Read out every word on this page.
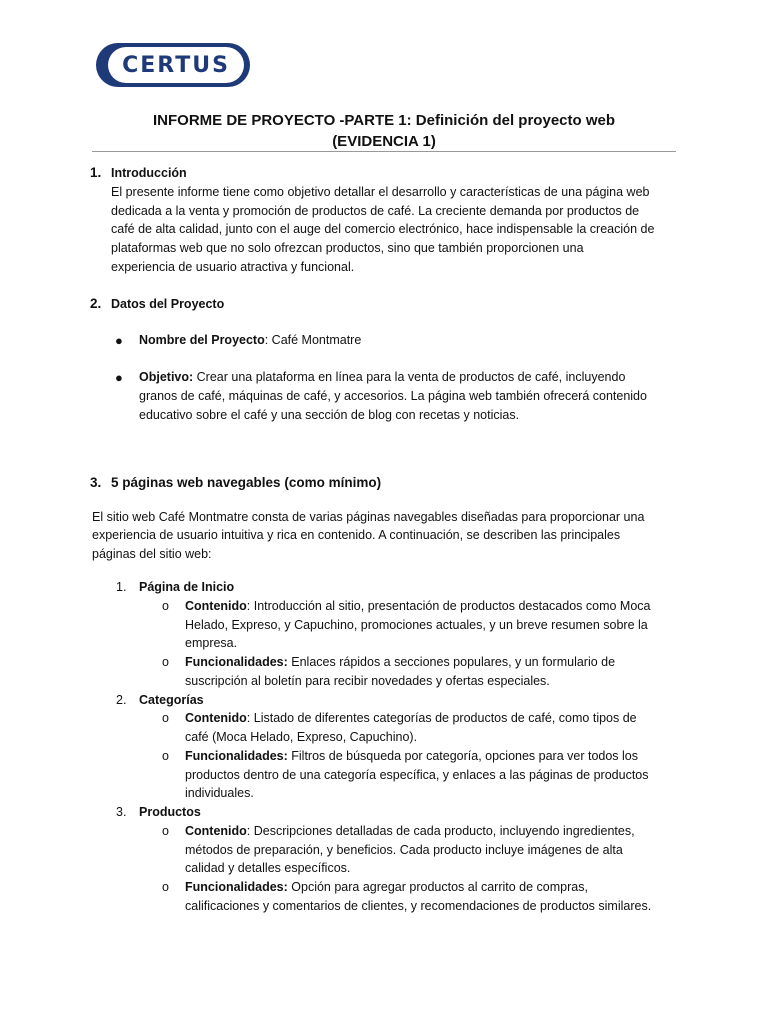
CERTUS
INFORME DE PROYECTO -PARTE 1: Definición del proyecto web
(EVIDENCIA 1)
1. Introducción
El presente informe tiene como objetivo detallar el desarrollo y características de una página web
dedicada a la venta y promoción de productos de café. La creciente demanda por productos de
café de alta calidad, junto con el auge del comercio electrónico, hace indispensable la creación de
plataformas web que no solo ofrezcan productos, sino que también proporcionen una
experiencia de usuario atractiva y funcional.
2. Datos del Proyecto
● Nombre del Proyecto: Café Montmatre
● Objetivo: Crear una plataforma en línea para la venta de productos de café, incluyendo
granos de café, máquinas de café, y accesorios. La página web también ofrecerá contenido
educativo sobre el café y una sección de blog con recetas y noticias.
3. 5 páginas web navegables (como mínimo)
El sitio web Café Montmatre consta de varias páginas navegables diseñadas para proporcionar una
experiencia de usuario intuitiva y rica en contenido. A continuación, se describen las principales
páginas del sitio web:
1. Página de Inicio
o Contenido: Introducción al sitio, presentación de productos destacados como Moca
Helado, Expreso, y Capuchino, promociones actuales, y un breve resumen sobre la
empresa.
o Funcionalidades: Enlaces rápidos a secciones populares, y un formulario de
suscripción al boletín para recibir novedades y ofertas especiales.
2. Categorías
o Contenido: Listado de diferentes categorías de productos de café, como tipos de
café (Moca Helado, Expreso, Capuchino).
o Funcionalidades: Filtros de búsqueda por categoría, opciones para ver todos los
productos dentro de una categoría específica, y enlaces a las páginas de productos
individuales.
3. Productos
o Contenido: Descripciones detalladas de cada producto, incluyendo ingredientes,
métodos de preparación, y beneficios. Cada producto incluye imágenes de alta
calidad y detalles específicos.
o Funcionalidades: Opción para agregar productos al carrito de compras,
calificaciones y comentarios de clientes, y recomendaciones de productos similares.
